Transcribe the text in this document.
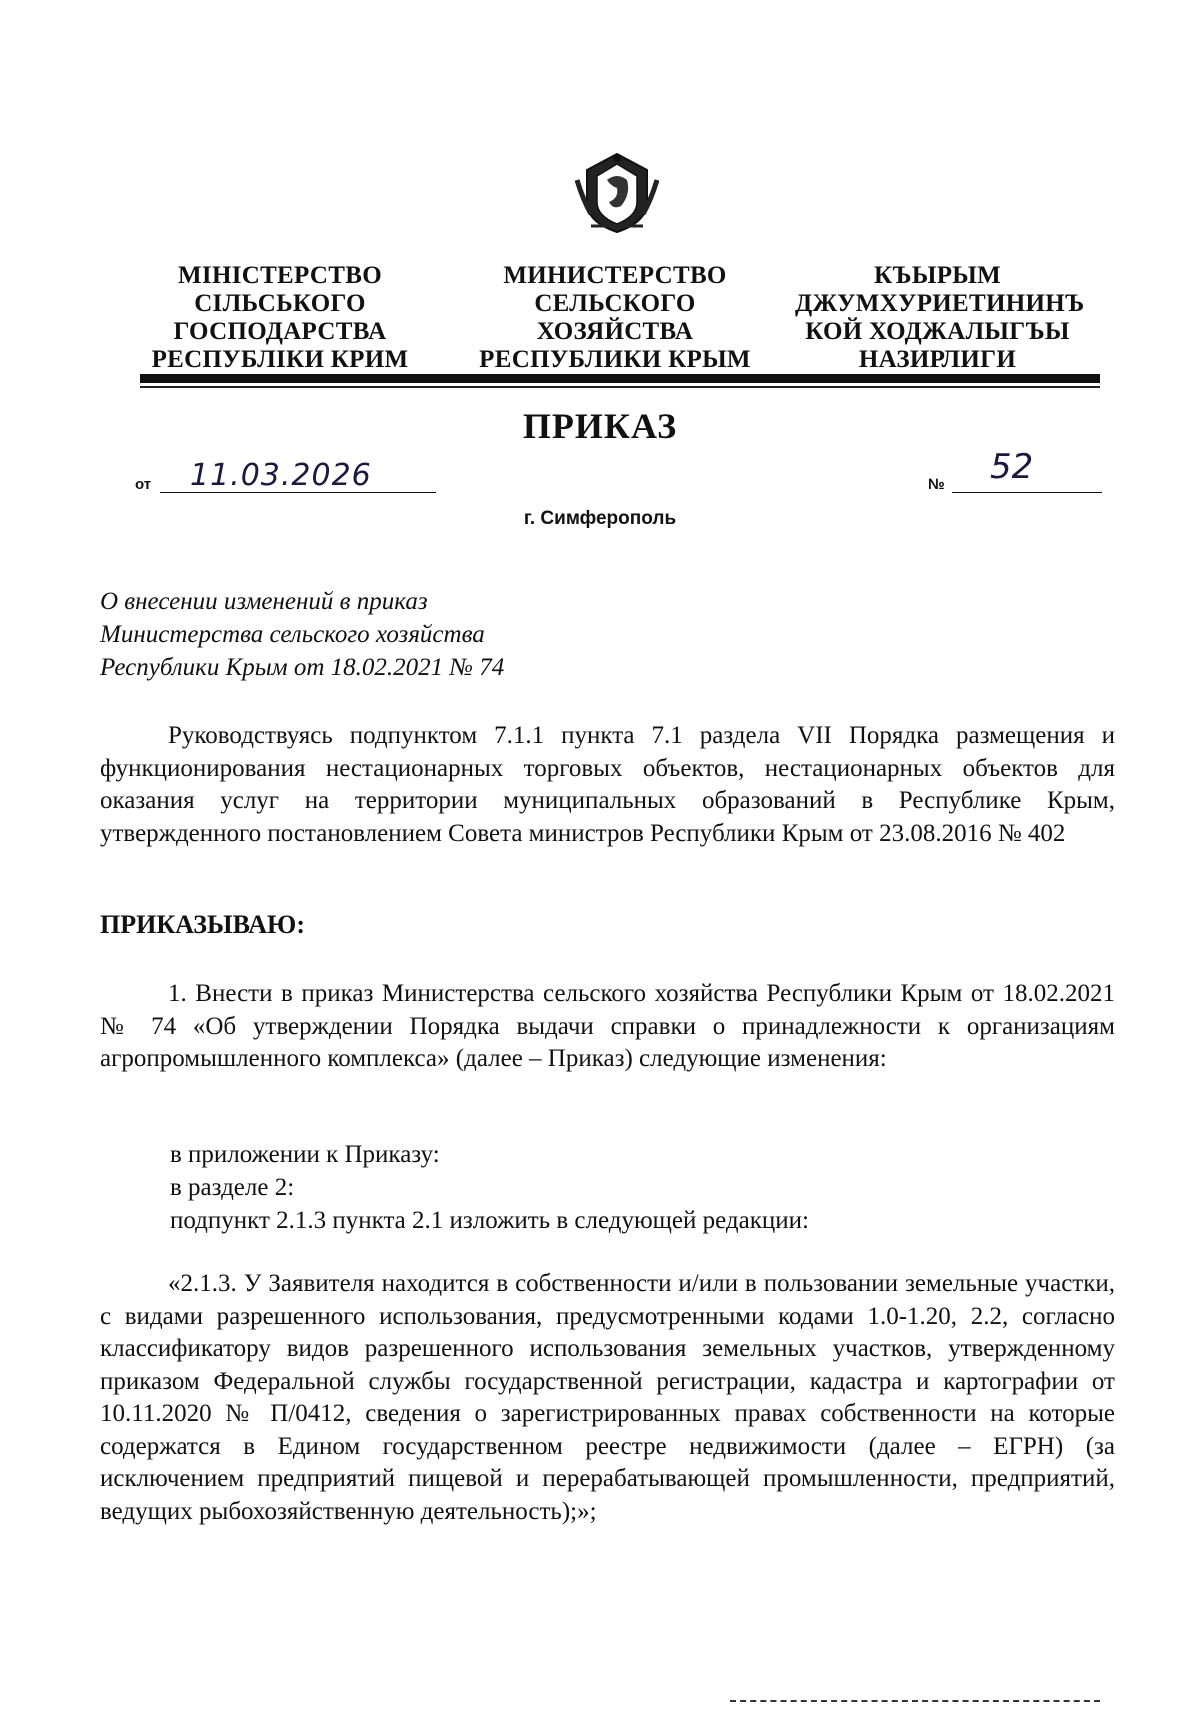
МІНІСТЕРСТВО
СІЛЬСЬКОГО
ГОСПОДАРСТВА
РЕСПУБЛІКИ КРИМ
МИНИСТЕРСТВО
СЕЛЬСКОГО ХОЗЯЙСТВА
РЕСПУБЛИКИ КРЫМ
КЪЫРЫМ
ДЖУМХУРИЕТИНИНЪ
КОЙ ХОДЖАЛЫГЪЫ
НАЗИРЛИГИ
ПРИКАЗ
от 11.03.2026	№ 52
г. Симферополь
О внесении изменений в приказ
Министерства сельского хозяйства
Республики Крым от 18.02.2021 № 74
Руководствуясь подпунктом 7.1.1 пункта 7.1 раздела VII Порядка размещения и функционирования нестационарных торговых объектов, нестационарных объектов для оказания услуг на территории муниципальных образований в Республике Крым, утвержденного постановлением Совета министров Республики Крым от 23.08.2016 № 402
ПРИКАЗЫВАЮ:
1. Внести в приказ Министерства сельского хозяйства Республики Крым от 18.02.2021 № 74 «Об утверждении Порядка выдачи справки о принадлежности к организациям агропромышленного комплекса» (далее – Приказ) следующие изменения:
в приложении к Приказу:
в разделе 2:
подпункт 2.1.3 пункта 2.1 изложить в следующей редакции:
«2.1.3. У Заявителя находится в собственности и/или в пользовании земельные участки, с видами разрешенного использования, предусмотренными кодами 1.0-1.20, 2.2, согласно классификатору видов разрешенного использования земельных участков, утвержденному приказом Федеральной службы государственной регистрации, кадастра и картографии от 10.11.2020 № П/0412, сведения о зарегистрированных правах собственности на которые содержатся в Едином государственном реестре недвижимости (далее – ЕГРН) (за исключением предприятий пищевой и перерабатывающей промышленности, предприятий, ведущих рыбохозяйственную деятельность);»;
